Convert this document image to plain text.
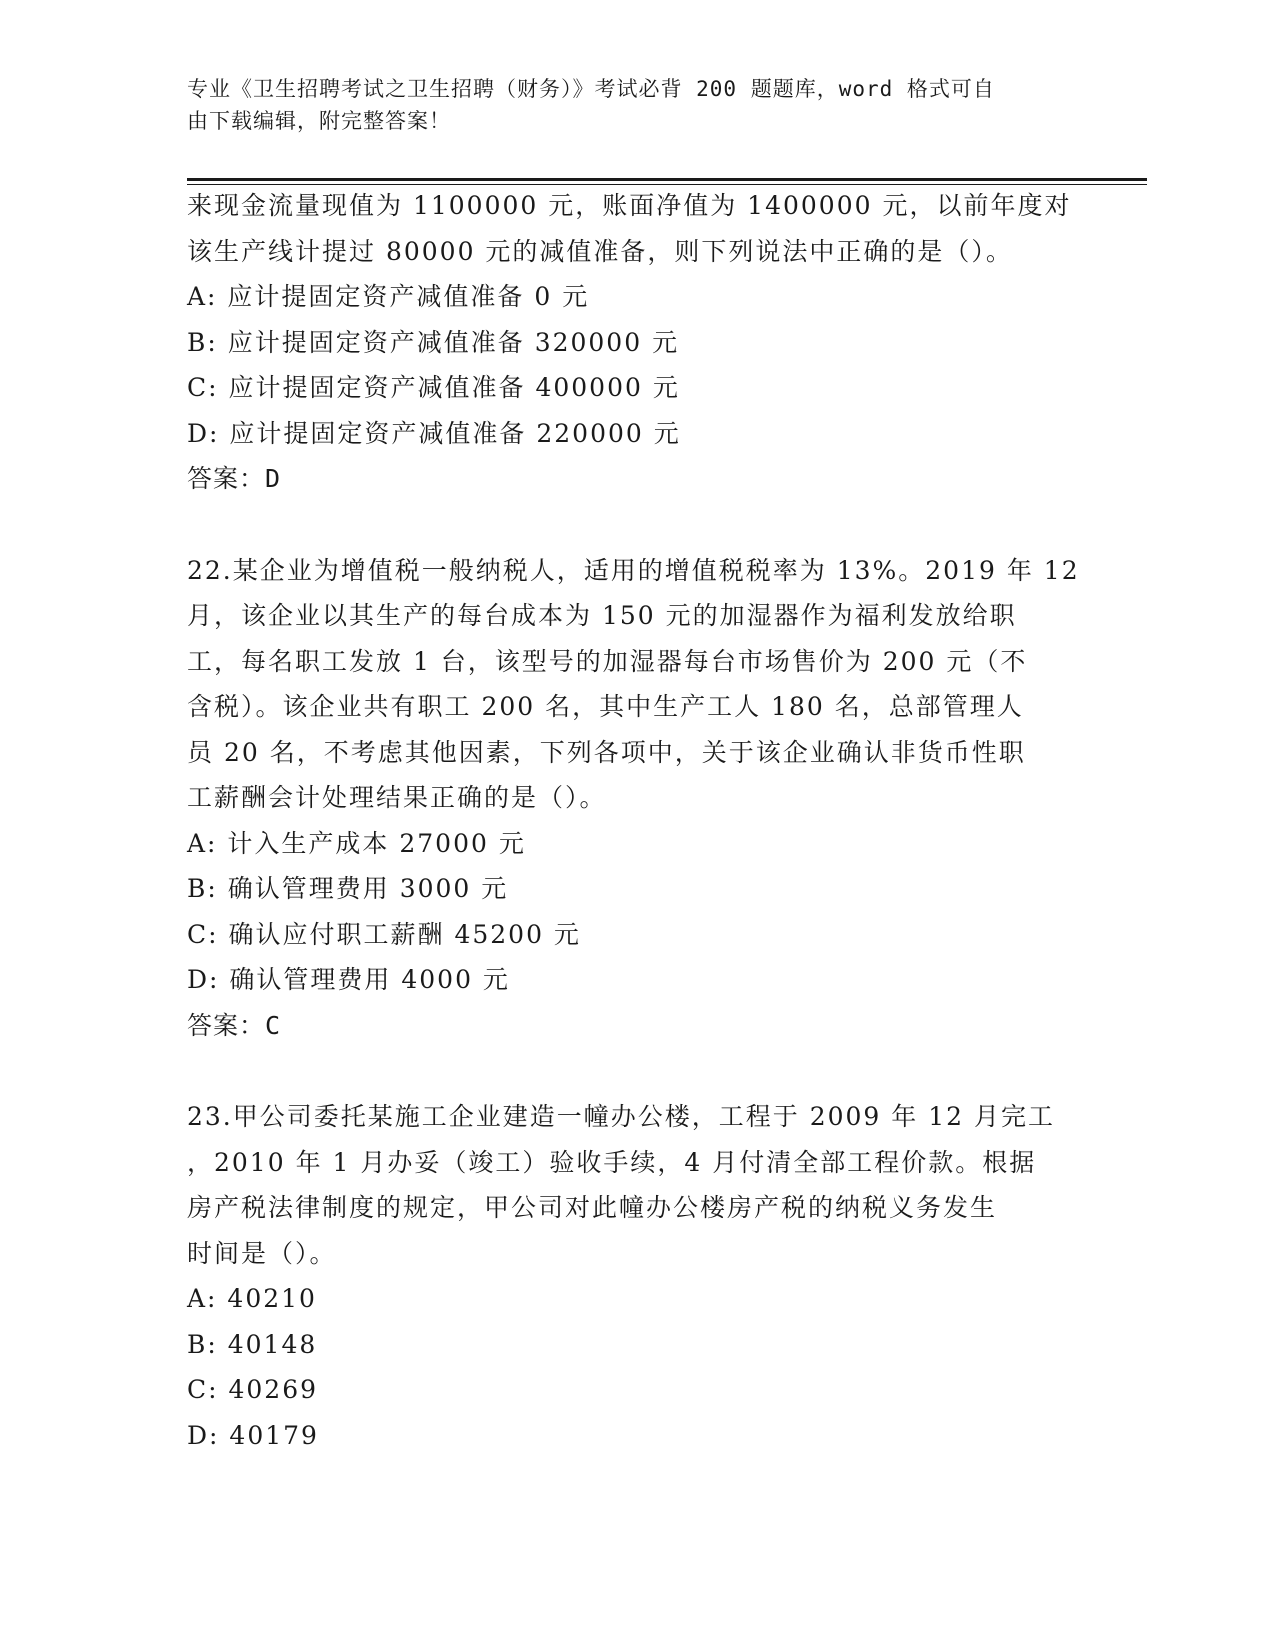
专业《卫生招聘考试之卫生招聘（财务）》考试必背 200 题题库，word 格式可自
由下载编辑，附完整答案！
来现金流量现值为 1100000 元，账面净值为 1400000 元，以前年度对
该生产线计提过 80000 元的减值准备，则下列说法中正确的是（）。
A: 应计提固定资产减值准备 0 元
B: 应计提固定资产减值准备 320000 元
C: 应计提固定资产减值准备 400000 元
D: 应计提固定资产减值准备 220000 元
答案：D
22.某企业为增值税一般纳税人，适用的增值税税率为 13%。2019 年 12
月，该企业以其生产的每台成本为 150 元的加湿器作为福利发放给职
工，每名职工发放 1 台，该型号的加湿器每台市场售价为 200 元（不
含税）。该企业共有职工 200 名，其中生产工人 180 名，总部管理人
员 20 名，不考虑其他因素，下列各项中，关于该企业确认非货币性职
工薪酬会计处理结果正确的是（）。
A: 计入生产成本 27000 元
B: 确认管理费用 3000 元
C: 确认应付职工薪酬 45200 元
D: 确认管理费用 4000 元
答案：C
23.甲公司委托某施工企业建造一幢办公楼，工程于 2009 年 12 月完工
，2010 年 1 月办妥（竣工）验收手续，4 月付清全部工程价款。根据
房产税法律制度的规定，甲公司对此幢办公楼房产税的纳税义务发生
时间是（）。
A: 40210
B: 40148
C: 40269
D: 40179
